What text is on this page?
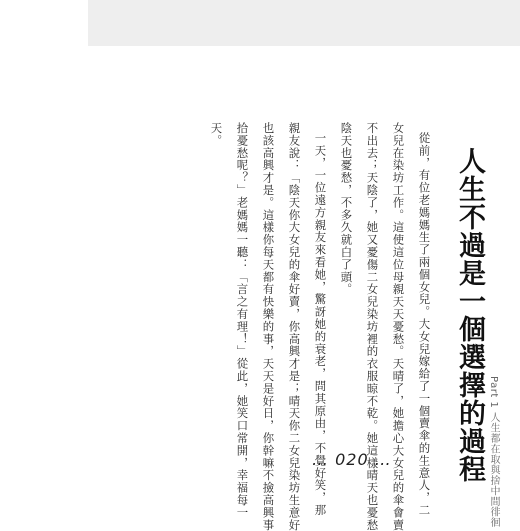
人生不過是一個選擇的過程 Part 1 人生都在取與捨中間徘徊
從前，有位老媽媽生了兩個女兒。大女兒嫁給了一個賣傘的生意人，二
女兒在染坊工作。這使這位母親天天憂愁。天晴了，她擔心大女兒的傘會賣
不出去；天陰了，她又憂傷二女兒染坊裡的衣服晾不乾。她這樣晴天也憂愁
陰天也憂愁，不多久就白了頭。
一天，一位遠方親友來看她，驚訝她的衰老，問其原由，不覺好笑，那
親友說：「陰天你大女兒的傘好賣，你高興才是；晴天你二女兒染坊生意好
也該高興才是。這樣你每天都有快樂的事，天天是好日，你幹嘛不撿高興事
拾憂愁呢？」老媽媽一聽：「言之有理！」從此，她笑口常開，幸福每一
天。
… 020 …
